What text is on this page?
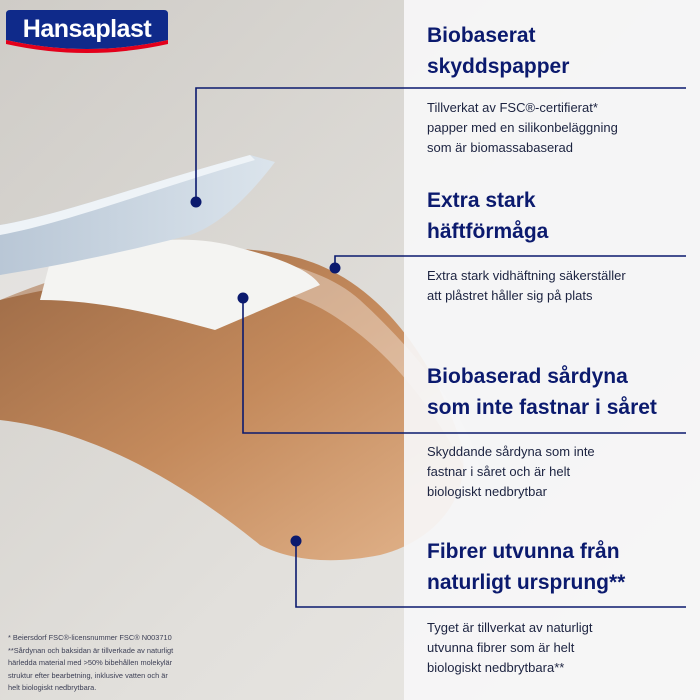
Hansaplast	Biobaserat
skyddspapper

Tillverkat av FSC®-certifierat*
papper med en silikonbeläggning
som är biomassabaserad

Extra stark
häftförmåga

Extra stark vidhäftning säkerställer
att plåstret håller sig på plats

Biobaserad sårdyna
som inte fastnar i såret

Skyddande sårdyna som inte
fastnar i såret och är helt
biologiskt nedbrytbar

Fibrer utvunna från
naturligt ursprung**

Tyget är tillverkat av naturligt
utvunna fibrer som är helt
biologiskt nedbrytbara**

* Beiersdorf FSC®-licensnummer FSC® N003710
**Sårdynan och baksidan är tillverkade av naturligt
härledda material med >50% bibehållen molekylär
struktur efter bearbetning, inklusive vatten och är
helt biologiskt nedbrytbara.
